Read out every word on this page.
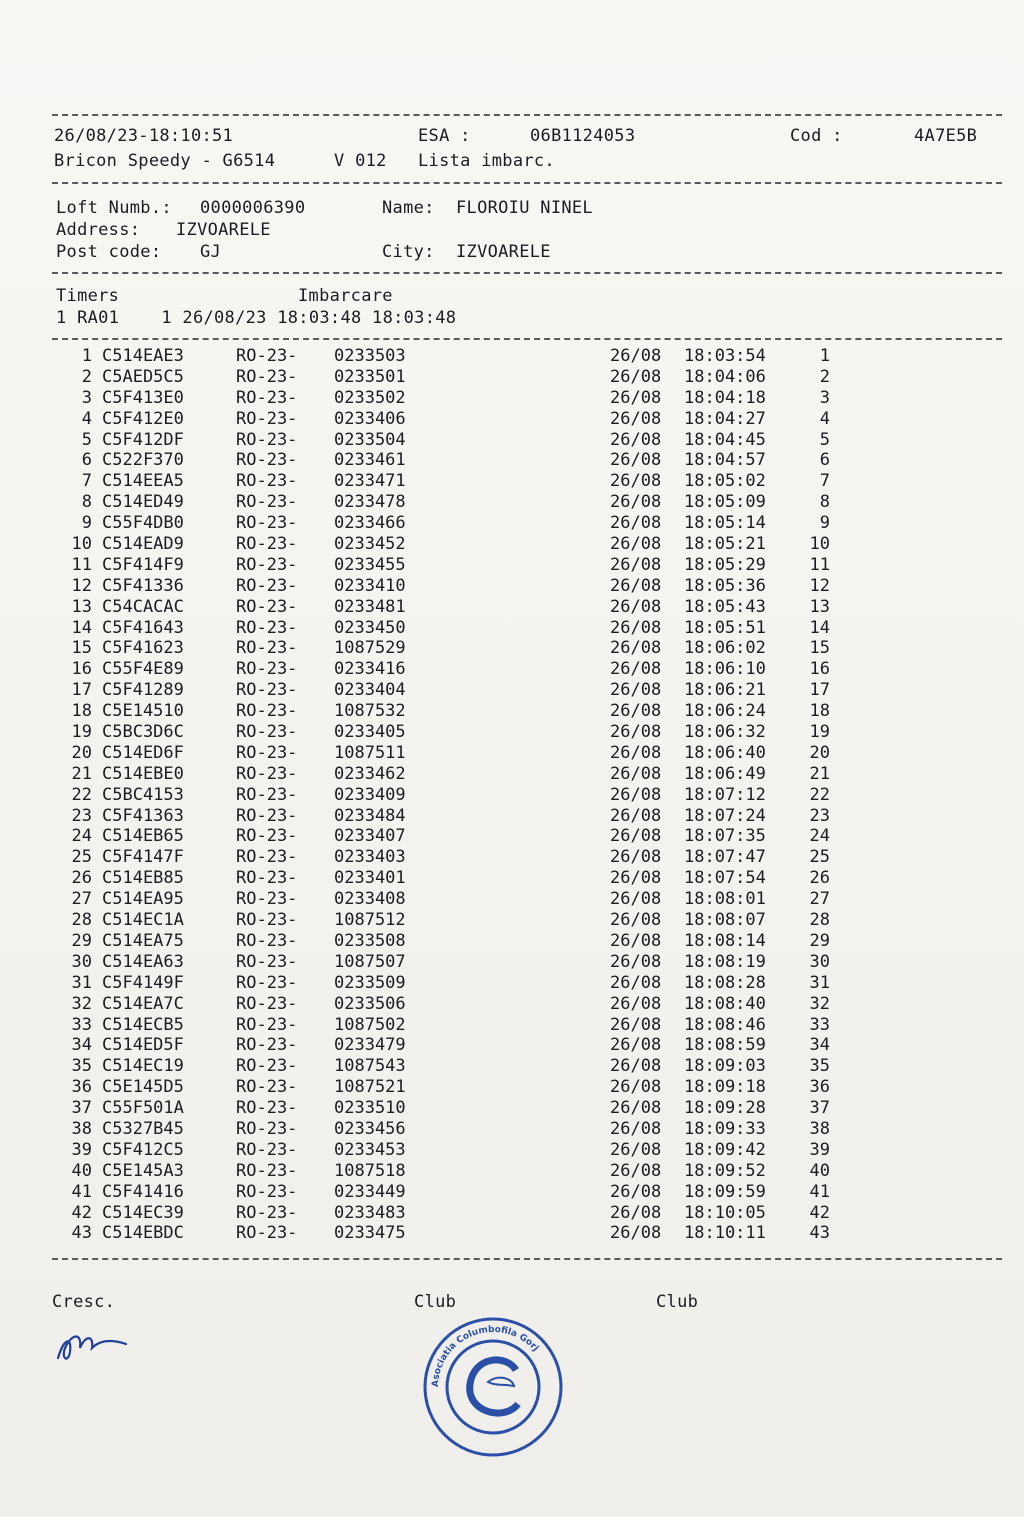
26/08/23-18:10:51	ESA :	06B1124053	Cod :	4A7E5B
Bricon Speedy - G6514	V 012 Lista imbarc.
Loft Numb.: 0000006390	Name: FLOROIU NINEL
Address: IZVOARELE
Post code: GJ	City: IZVOARELE
Timers	Imbarcare
1 RA01    1 26/08/23 18:03:48 18:03:48
1 C514EAE3	RO-23- 0233503	26/08 18:03:54	1
2 C5AED5C5	RO-23- 0233501	26/08 18:04:06	2
3 C5F413E0	RO-23- 0233502	26/08 18:04:18	3
4 C5F412E0	RO-23- 0233406	26/08 18:04:27	4
5 C5F412DF	RO-23- 0233504	26/08 18:04:45	5
6 C522F370	RO-23- 0233461	26/08 18:04:57	6
7 C514EEA5	RO-23- 0233471	26/08 18:05:02	7
8 C514ED49	RO-23- 0233478	26/08 18:05:09	8
9 C55F4DB0	RO-23- 0233466	26/08 18:05:14	9
10 C514EAD9	RO-23- 0233452	26/08 18:05:21	10
11 C5F414F9	RO-23- 0233455	26/08 18:05:29	11
12 C5F41336	RO-23- 0233410	26/08 18:05:36	12
13 C54CACAC	RO-23- 0233481	26/08 18:05:43	13
14 C5F41643	RO-23- 0233450	26/08 18:05:51	14
15 C5F41623	RO-23- 1087529	26/08 18:06:02	15
16 C55F4E89	RO-23- 0233416	26/08 18:06:10	16
17 C5F41289	RO-23- 0233404	26/08 18:06:21	17
18 C5E14510	RO-23- 1087532	26/08 18:06:24	18
19 C5BC3D6C	RO-23- 0233405	26/08 18:06:32	19
20 C514ED6F	RO-23- 1087511	26/08 18:06:40	20
21 C514EBE0	RO-23- 0233462	26/08 18:06:49	21
22 C5BC4153	RO-23- 0233409	26/08 18:07:12	22
23 C5F41363	RO-23- 0233484	26/08 18:07:24	23
24 C514EB65	RO-23- 0233407	26/08 18:07:35	24
25 C5F4147F	RO-23- 0233403	26/08 18:07:47	25
26 C514EB85	RO-23- 0233401	26/08 18:07:54	26
27 C514EA95	RO-23- 0233408	26/08 18:08:01	27
28 C514EC1A	RO-23- 1087512	26/08 18:08:07	28
29 C514EA75	RO-23- 0233508	26/08 18:08:14	29
30 C514EA63	RO-23- 1087507	26/08 18:08:19	30
31 C5F4149F	RO-23- 0233509	26/08 18:08:28	31
32 C514EA7C	RO-23- 0233506	26/08 18:08:40	32
33 C514ECB5	RO-23- 1087502	26/08 18:08:46	33
34 C514ED5F	RO-23- 0233479	26/08 18:08:59	34
35 C514EC19	RO-23- 1087543	26/08 18:09:03	35
36 C5E145D5	RO-23- 1087521	26/08 18:09:18	36
37 C55F501A	RO-23- 0233510	26/08 18:09:28	37
38 C5327B45	RO-23- 0233456	26/08 18:09:33	38
39 C5F412C5	RO-23- 0233453	26/08 18:09:42	39
40 C5E145A3	RO-23- 1087518	26/08 18:09:52	40
41 C5F41416	RO-23- 0233449	26/08 18:09:59	41
42 C514EC39	RO-23- 0233483	26/08 18:10:05	42
43 C514EBDC	RO-23- 0233475	26/08 18:10:11	43
Cresc.	Club	Club
Asociatia Columbofila Gorj
